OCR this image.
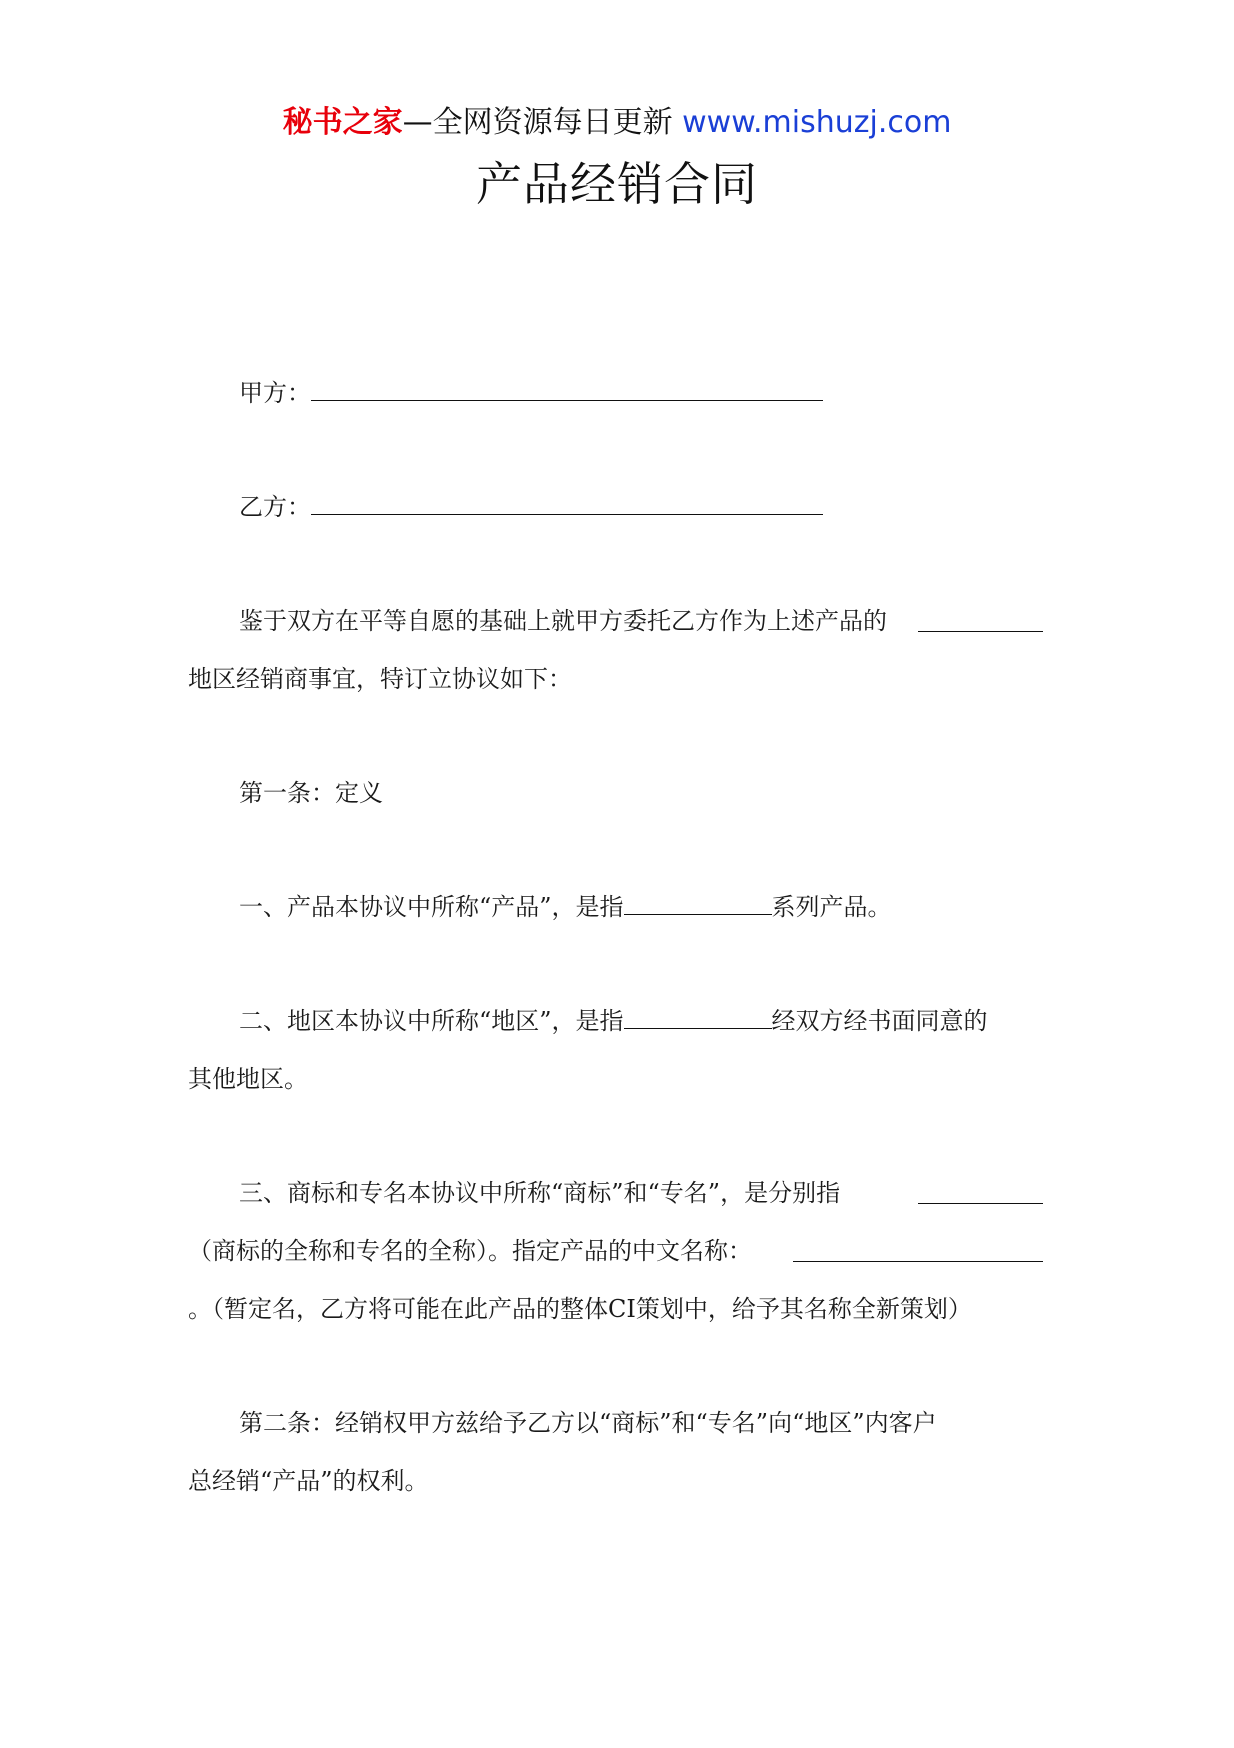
秘书之家—全网资源每日更新 www.mishuzj.com
产品经销合同
甲方：
乙方：
鉴于双方在平等自愿的基础上就甲方委托乙方作为上述产品的
地区经销商事宜，特订立协议如下：
第一条：定义
一、产品本协议中所称“产品”，是指	系列产品。
二、地区本协议中所称“地区”，是指	经双方经书面同意的
其他地区。
三、商标和专名本协议中所称“商标”和“专名”，是分别指
（商标的全称和专名的全称）。指定产品的中文名称：
。（暂定名，乙方将可能在此产品的整体CI策划中，给予其名称全新策划）
第二条：经销权甲方兹给予乙方以“商标”和“专名”向“地区”内客户
总经销“产品”的权利。
